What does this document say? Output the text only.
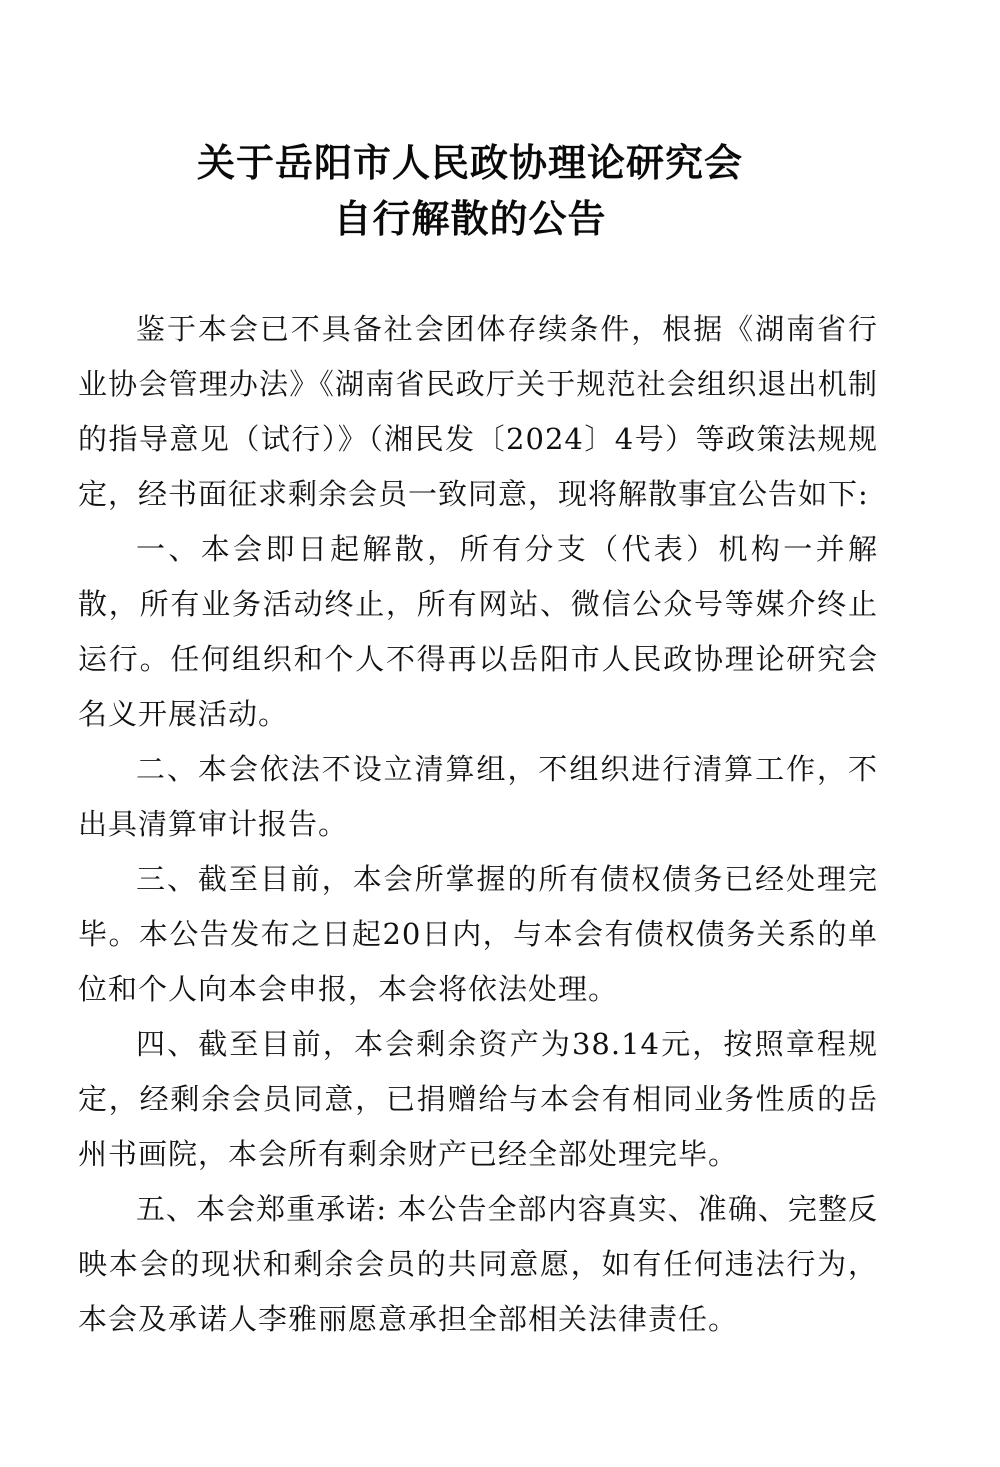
关于岳阳市人民政协理论研究会
自行解散的公告

鉴于本会已不具备社会团体存续条件，根据《湖南省行业协会管理办法》《湖南省民政厅关于规范社会组织退出机制的指导意见（试行）》（湘民发〔2024〕4号）等政策法规规定，经书面征求剩余会员一致同意，现将解散事宜公告如下:

一、本会即日起解散，所有分支（代表）机构一并解散，所有业务活动终止，所有网站、微信公众号等媒介终止运行。任何组织和个人不得再以岳阳市人民政协理论研究会名义开展活动。

二、本会依法不设立清算组，不组织进行清算工作，不出具清算审计报告。

三、截至目前，本会所掌握的所有债权债务已经处理完毕。本公告发布之日起20日内，与本会有债权债务关系的单位和个人向本会申报，本会将依法处理。

四、截至目前，本会剩余资产为38.14元，按照章程规定，经剩余会员同意，已捐赠给与本会有相同业务性质的岳州书画院，本会所有剩余财产已经全部处理完毕。

五、本会郑重承诺: 本公告全部内容真实、准确、完整反映本会的现状和剩余会员的共同意愿，如有任何违法行为，本会及承诺人李雅丽愿意承担全部相关法律责任。
